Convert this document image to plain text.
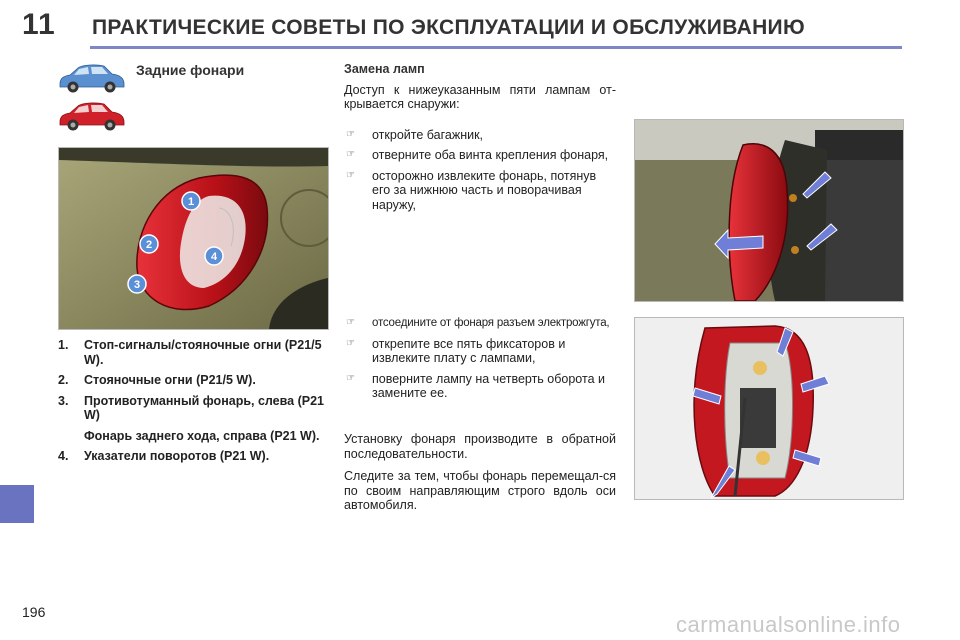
11 ПРАКТИЧЕСКИЕ СОВЕТЫ ПО ЭКСПЛУАТАЦИИ И ОБСЛУЖИВАНИЮ
Задние фонари
1
2
3
4
1. Стоп-сигналы/стояночные огни (P21/5 W).
2. Стояночные огни (P21/5 W).
3. Противотуманный фонарь, слева (P21 W)
Фонарь заднего хода, справа (P21 W).
4. Указатели поворотов (P21 W).
Замена ламп

Доступ к нижеуказанным пяти лампам от-крывается снаружи:

☞ откройте багажник,
☞ отверните оба винта крепления фонаря,
☞ осторожно извлеките фонарь, потянув его за нижнюю часть и поворачивая наружу,
☞ отсоедините от фонаря разъем электрожгута,
☞ открепите все пять фиксаторов и извлеките плату с лампами,
☞ поверните лампу на четверть оборота и замените ее.

Установку фонаря производите в обратной последовательности.

Следите за тем, чтобы фонарь перемещал-ся по своим направляющим строго вдоль оси автомобиля.

196	carmanualsonline.info
